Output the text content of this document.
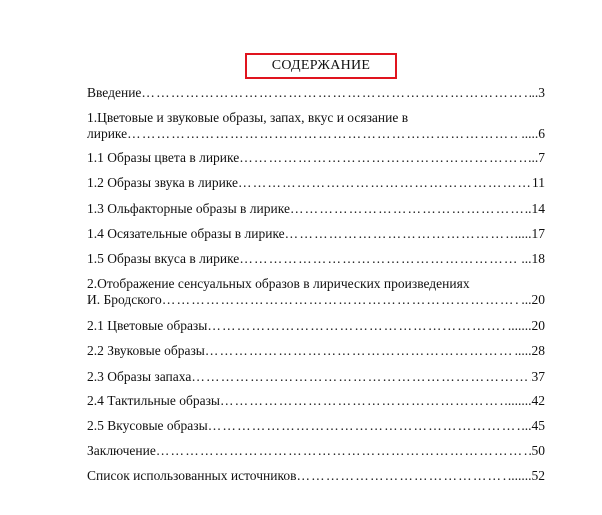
СОДЕРЖАНИЕ
Введение …………………………………………………………………………………………………………………………………………	..3
1.Цветовые и звуковые образы, запах, вкус и осязание в
лирике …………………………………………………………………………………………………………………………………………	.....6
1.1 Образы цвета в лирике …………………………………………………………………………………………………………………………………………	...7
1.2 Образы звука в лирике …………………………………………………………………………………………………………………………………………	11
1.3 Ольфакторные образы в лирике …………………………………………………………………………………………………………………………………………	..14
1.4 Осязательные образы в лирике …………………………………………………………………………………………………………………………………………	.....17
1.5 Образы вкуса в лирике …………………………………………………………………………………………………………………………………………	...18
2.Отображение сенсуальных образов в лирических произведениях
И. Бродского …………………………………………………………………………………………………………………………………………	...20
2.1 Цветовые образы …………………………………………………………………………………………………………………………………………	.......20
2.2 Звуковые образы …………………………………………………………………………………………………………………………………………	.....28
2.3 Образы запаха …………………………………………………………………………………………………………………………………………	37
2.4 Тактильные образы …………………………………………………………………………………………………………………………………………	.......42
2.5 Вкусовые образы …………………………………………………………………………………………………………………………………………	...45
Заключение …………………………………………………………………………………………………………………………………………	50
Список использованных источников …………………………………………………………………………………………………………………………………………	.......52
